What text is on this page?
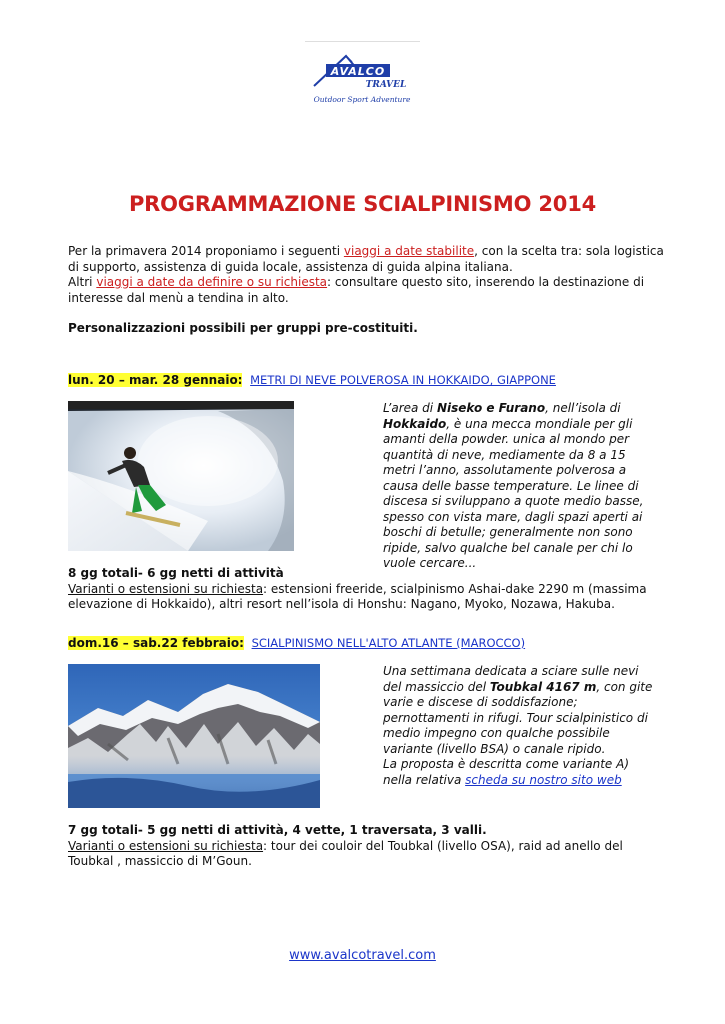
AVALCO
TRAVEL
Outdoor Sport Adventure
PROGRAMMAZIONE SCIALPINISMO 2014

Per la primavera 2014 proponiamo i seguenti viaggi a date stabilite, con la scelta tra: sola logistica di supporto, assistenza di guida locale, assistenza di guida alpina italiana.

Altri viaggi a date da definire o su richiesta: consultare questo sito, inserendo la destinazione di interesse dal menù a tendina in alto.

Personalizzazioni possibili per gruppi pre-costituiti.

lun. 20 – mar. 28 gennaio: METRI DI NEVE POLVEROSA IN HOKKAIDO, GIAPPONE
L’area di Niseko e Furano, nell’isola di Hokkaido, è una mecca mondiale per gli amanti della powder. unica al mondo per quantità di neve, mediamente da 8 a 15 metri l’anno, assolutamente polverosa a causa delle basse temperature. Le linee di discesa si sviluppano a quote medio basse, spesso con vista mare, dagli spazi aperti ai boschi di betulle; generalmente non sono ripide, salvo qualche bel canale per chi lo vuole cercare...

8 gg totali- 6 gg netti di attività

Varianti o estensioni su richiesta: estensioni freeride, scialpinismo Ashai-dake 2290 m (massima elevazione di Hokkaido), altri resort nell’isola di Honshu: Nagano, Myoko, Nozawa, Hakuba.

dom.16 – sab.22 febbraio: SCIALPINISMO NELL'ALTO ATLANTE (MAROCCO)

Una settimana dedicata a sciare sulle nevi del massiccio del Toubkal 4167 m, con gite varie e discese di soddisfazione; pernottamenti in rifugi. Tour scialpinistico di medio impegno con qualche possibile variante (livello BSA) o canale ripido.

La proposta è descritta come variante A) nella relativa scheda su nostro sito web

7 gg totali- 5 gg netti di attività, 4 vette, 1 traversata, 3 valli.

Varianti o estensioni su richiesta: tour dei couloir del Toubkal (livello OSA), raid ad anello del Toubkal , massiccio di M’Goun.

www.avalcotravel.com
